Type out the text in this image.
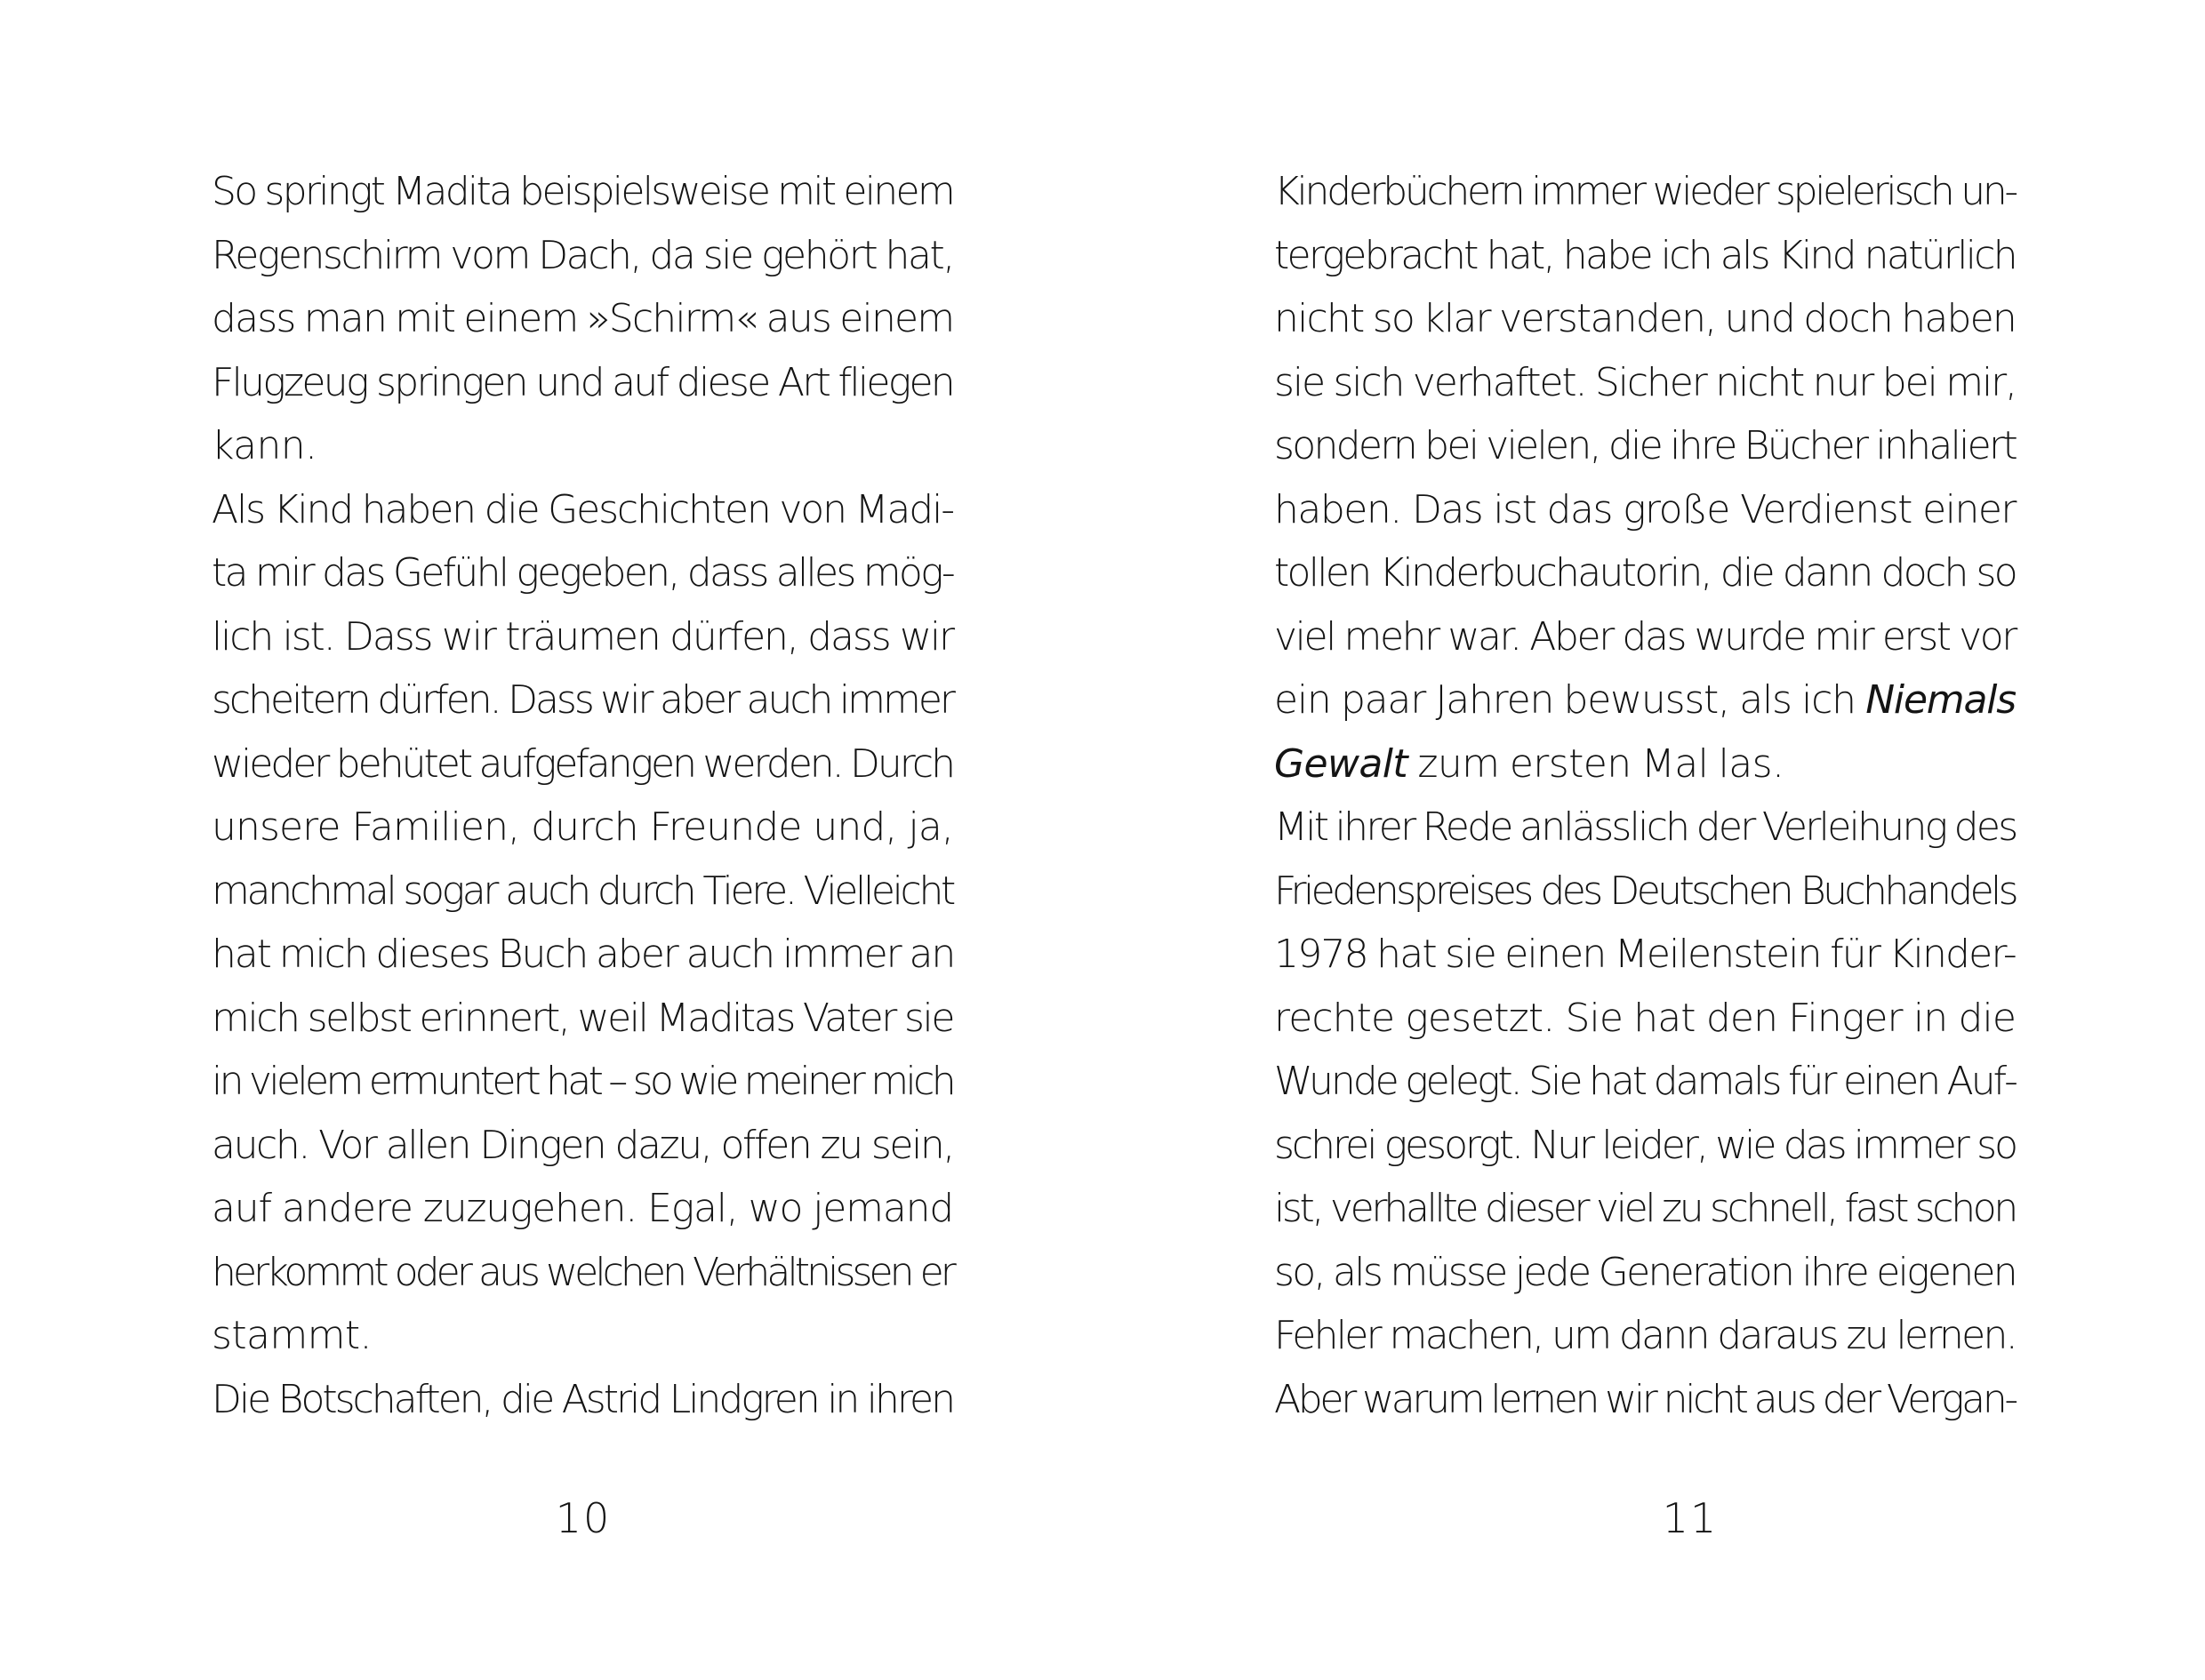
So springt Madita beispielsweise mit einem
Regenschirm vom Dach, da sie gehört hat,
dass man mit einem »Schirm« aus einem
Flugzeug springen und auf diese Art fliegen
kann.
Als Kind haben die Geschichten von Madi-
ta mir das Gefühl gegeben, dass alles mög-
lich ist. Dass wir träumen dürfen, dass wir
scheitern dürfen. Dass wir aber auch immer
wieder behütet aufgefangen werden. Durch
unsere Familien, durch Freunde und, ja,
manchmal sogar auch durch Tiere. Vielleicht
hat mich dieses Buch aber auch immer an
mich selbst erinnert, weil Maditas Vater sie
in vielem ermuntert hat – so wie meiner mich
auch. Vor allen Dingen dazu, offen zu sein,
auf andere zuzugehen. Egal, wo jemand
herkommt oder aus welchen Verhältnissen er
stammt.
Die Botschaften, die Astrid Lindgren in ihren
10
Kinderbüchern immer wieder spielerisch un-
tergebracht hat, habe ich als Kind natürlich
nicht so klar verstanden, und doch haben
sie sich verhaftet. Sicher nicht nur bei mir,
sondern bei vielen, die ihre Bücher inhaliert
haben. Das ist das große Verdienst einer
tollen Kinderbuchautorin, die dann doch so
viel mehr war. Aber das wurde mir erst vor
ein paar Jahren bewusst, als ich Niemals
Gewalt zum ersten Mal las.
Mit ihrer Rede anlässlich der Verleihung des
Friedenspreises des Deutschen Buchhandels
1978 hat sie einen Meilenstein für Kinder-
rechte gesetzt. Sie hat den Finger in die
Wunde gelegt. Sie hat damals für einen Auf-
schrei gesorgt. Nur leider, wie das immer so
ist, verhallte dieser viel zu schnell, fast schon
so, als müsse jede Generation ihre eigenen
Fehler machen, um dann daraus zu lernen.
Aber warum lernen wir nicht aus der Vergan-
11
